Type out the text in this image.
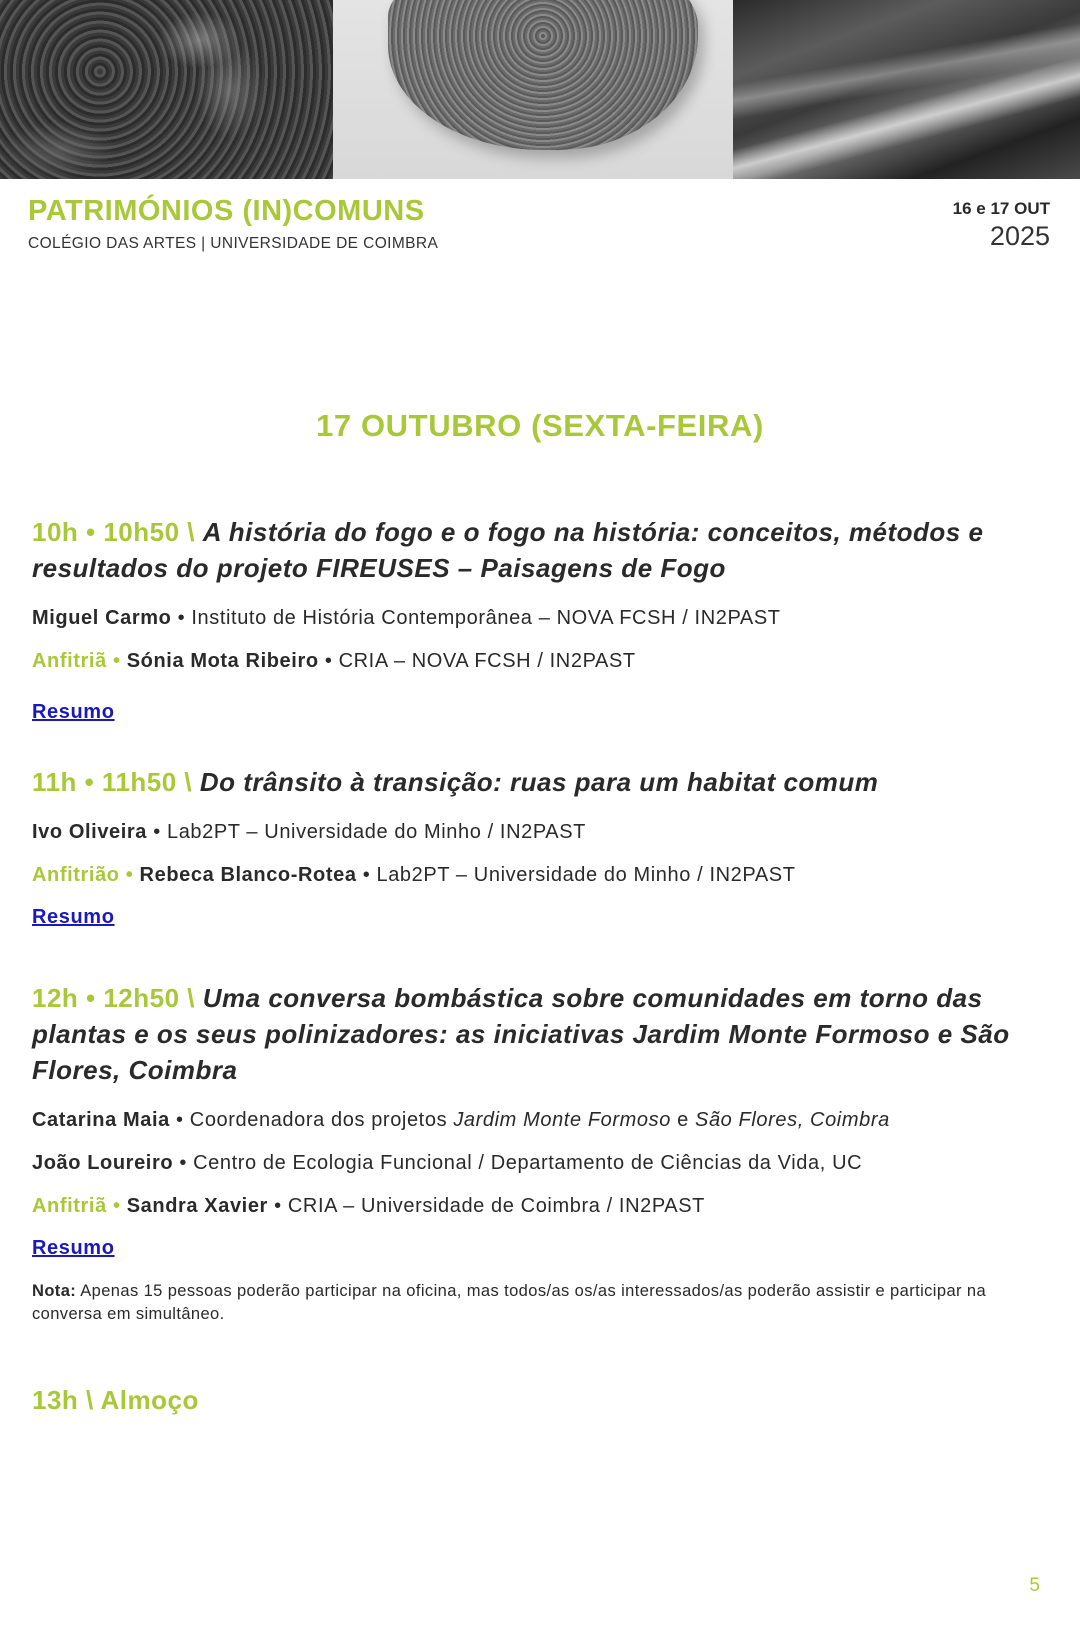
PATRIMÓNIOS (IN)COMUNS
COLÉGIO DAS ARTES | UNIVERSIDADE DE COIMBRA
16 e 17 OUT
2025
17 OUTUBRO (SEXTA-FEIRA)
10h • 10h50 \ A história do fogo e o fogo na história: conceitos, métodos e resultados do projeto FIREUSES – Paisagens de Fogo
Miguel Carmo • Instituto de História Contemporânea – NOVA FCSH / IN2PAST
Anfitriã • Sónia Mota Ribeiro • CRIA – NOVA FCSH / IN2PAST
Resumo
11h • 11h50 \ Do trânsito à transição: ruas para um habitat comum
Ivo Oliveira • Lab2PT – Universidade do Minho / IN2PAST
Anfitrião • Rebeca Blanco-Rotea • Lab2PT – Universidade do Minho / IN2PAST
Resumo
12h • 12h50 \ Uma conversa bombástica sobre comunidades em torno das plantas e os seus polinizadores: as iniciativas Jardim Monte Formoso e São Flores, Coimbra
Catarina Maia • Coordenadora dos projetos Jardim Monte Formoso e São Flores, Coimbra
João Loureiro • Centro de Ecologia Funcional / Departamento de Ciências da Vida, UC
Anfitriã • Sandra Xavier • CRIA – Universidade de Coimbra / IN2PAST
Resumo
Nota: Apenas 15 pessoas poderão participar na oficina, mas todos/as os/as interessados/as poderão assistir e participar na conversa em simultâneo.
13h \ Almoço
5
